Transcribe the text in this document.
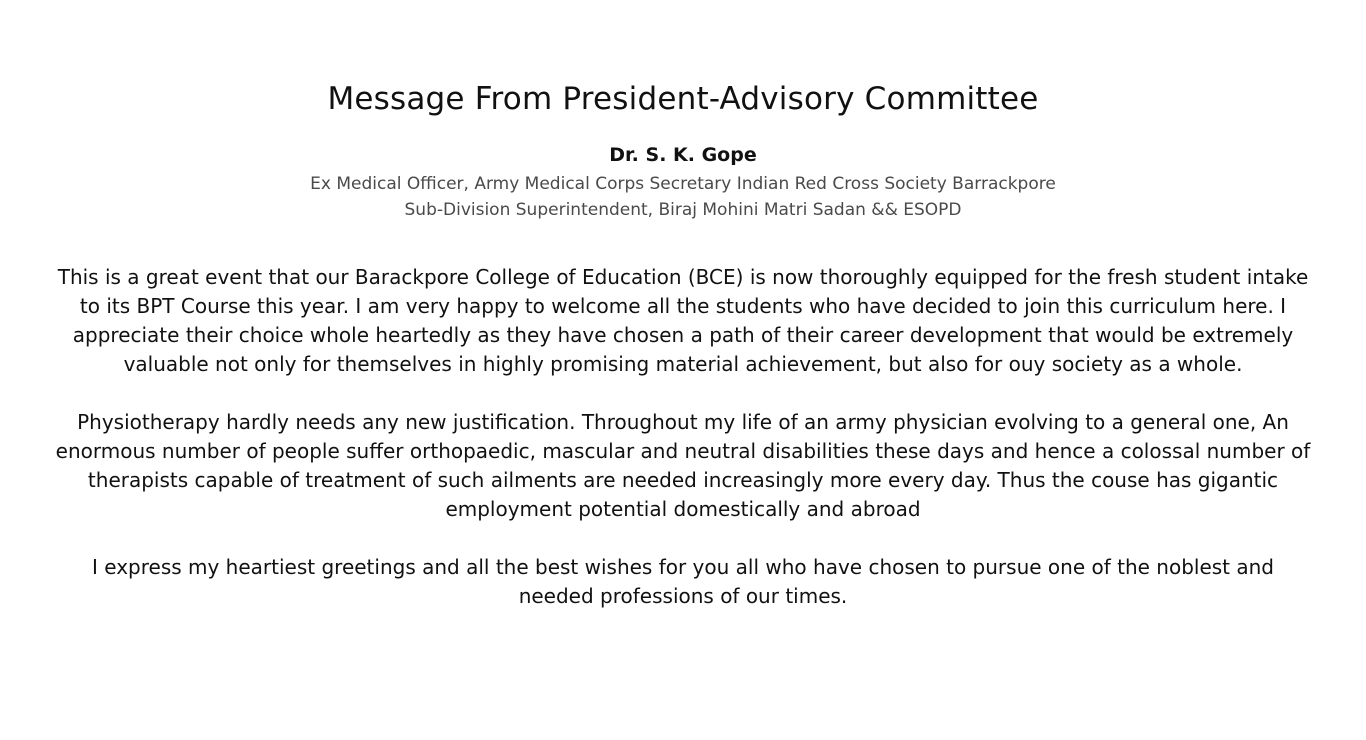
Message From President-Advisory Committee
Dr. S. K. Gope
Ex Medical Officer, Army Medical Corps Secretary Indian Red Cross Society Barrackpore
Sub-Division Superintendent, Biraj Mohini Matri Sadan && ESOPD

This is a great event that our Barackpore College of Education (BCE) is now thoroughly equipped for the fresh student intake to its BPT Course this year. I am very happy to welcome all the students who have decided to join this curriculum here. I appreciate their choice whole heartedly as they have chosen a path of their career development that would be extremely valuable not only for themselves in highly promising material achievement, but also for ouy society as a whole.

Physiotherapy hardly needs any new justification. Throughout my life of an army physician evolving to a general one, An enormous number of people suffer orthopaedic, mascular and neutral disabilities these days and hence a colossal number of therapists capable of treatment of such ailments are needed increasingly more every day. Thus the couse has gigantic employment potential domestically and abroad

I express my heartiest greetings and all the best wishes for you all who have chosen to pursue one of the noblest and needed professions of our times.
